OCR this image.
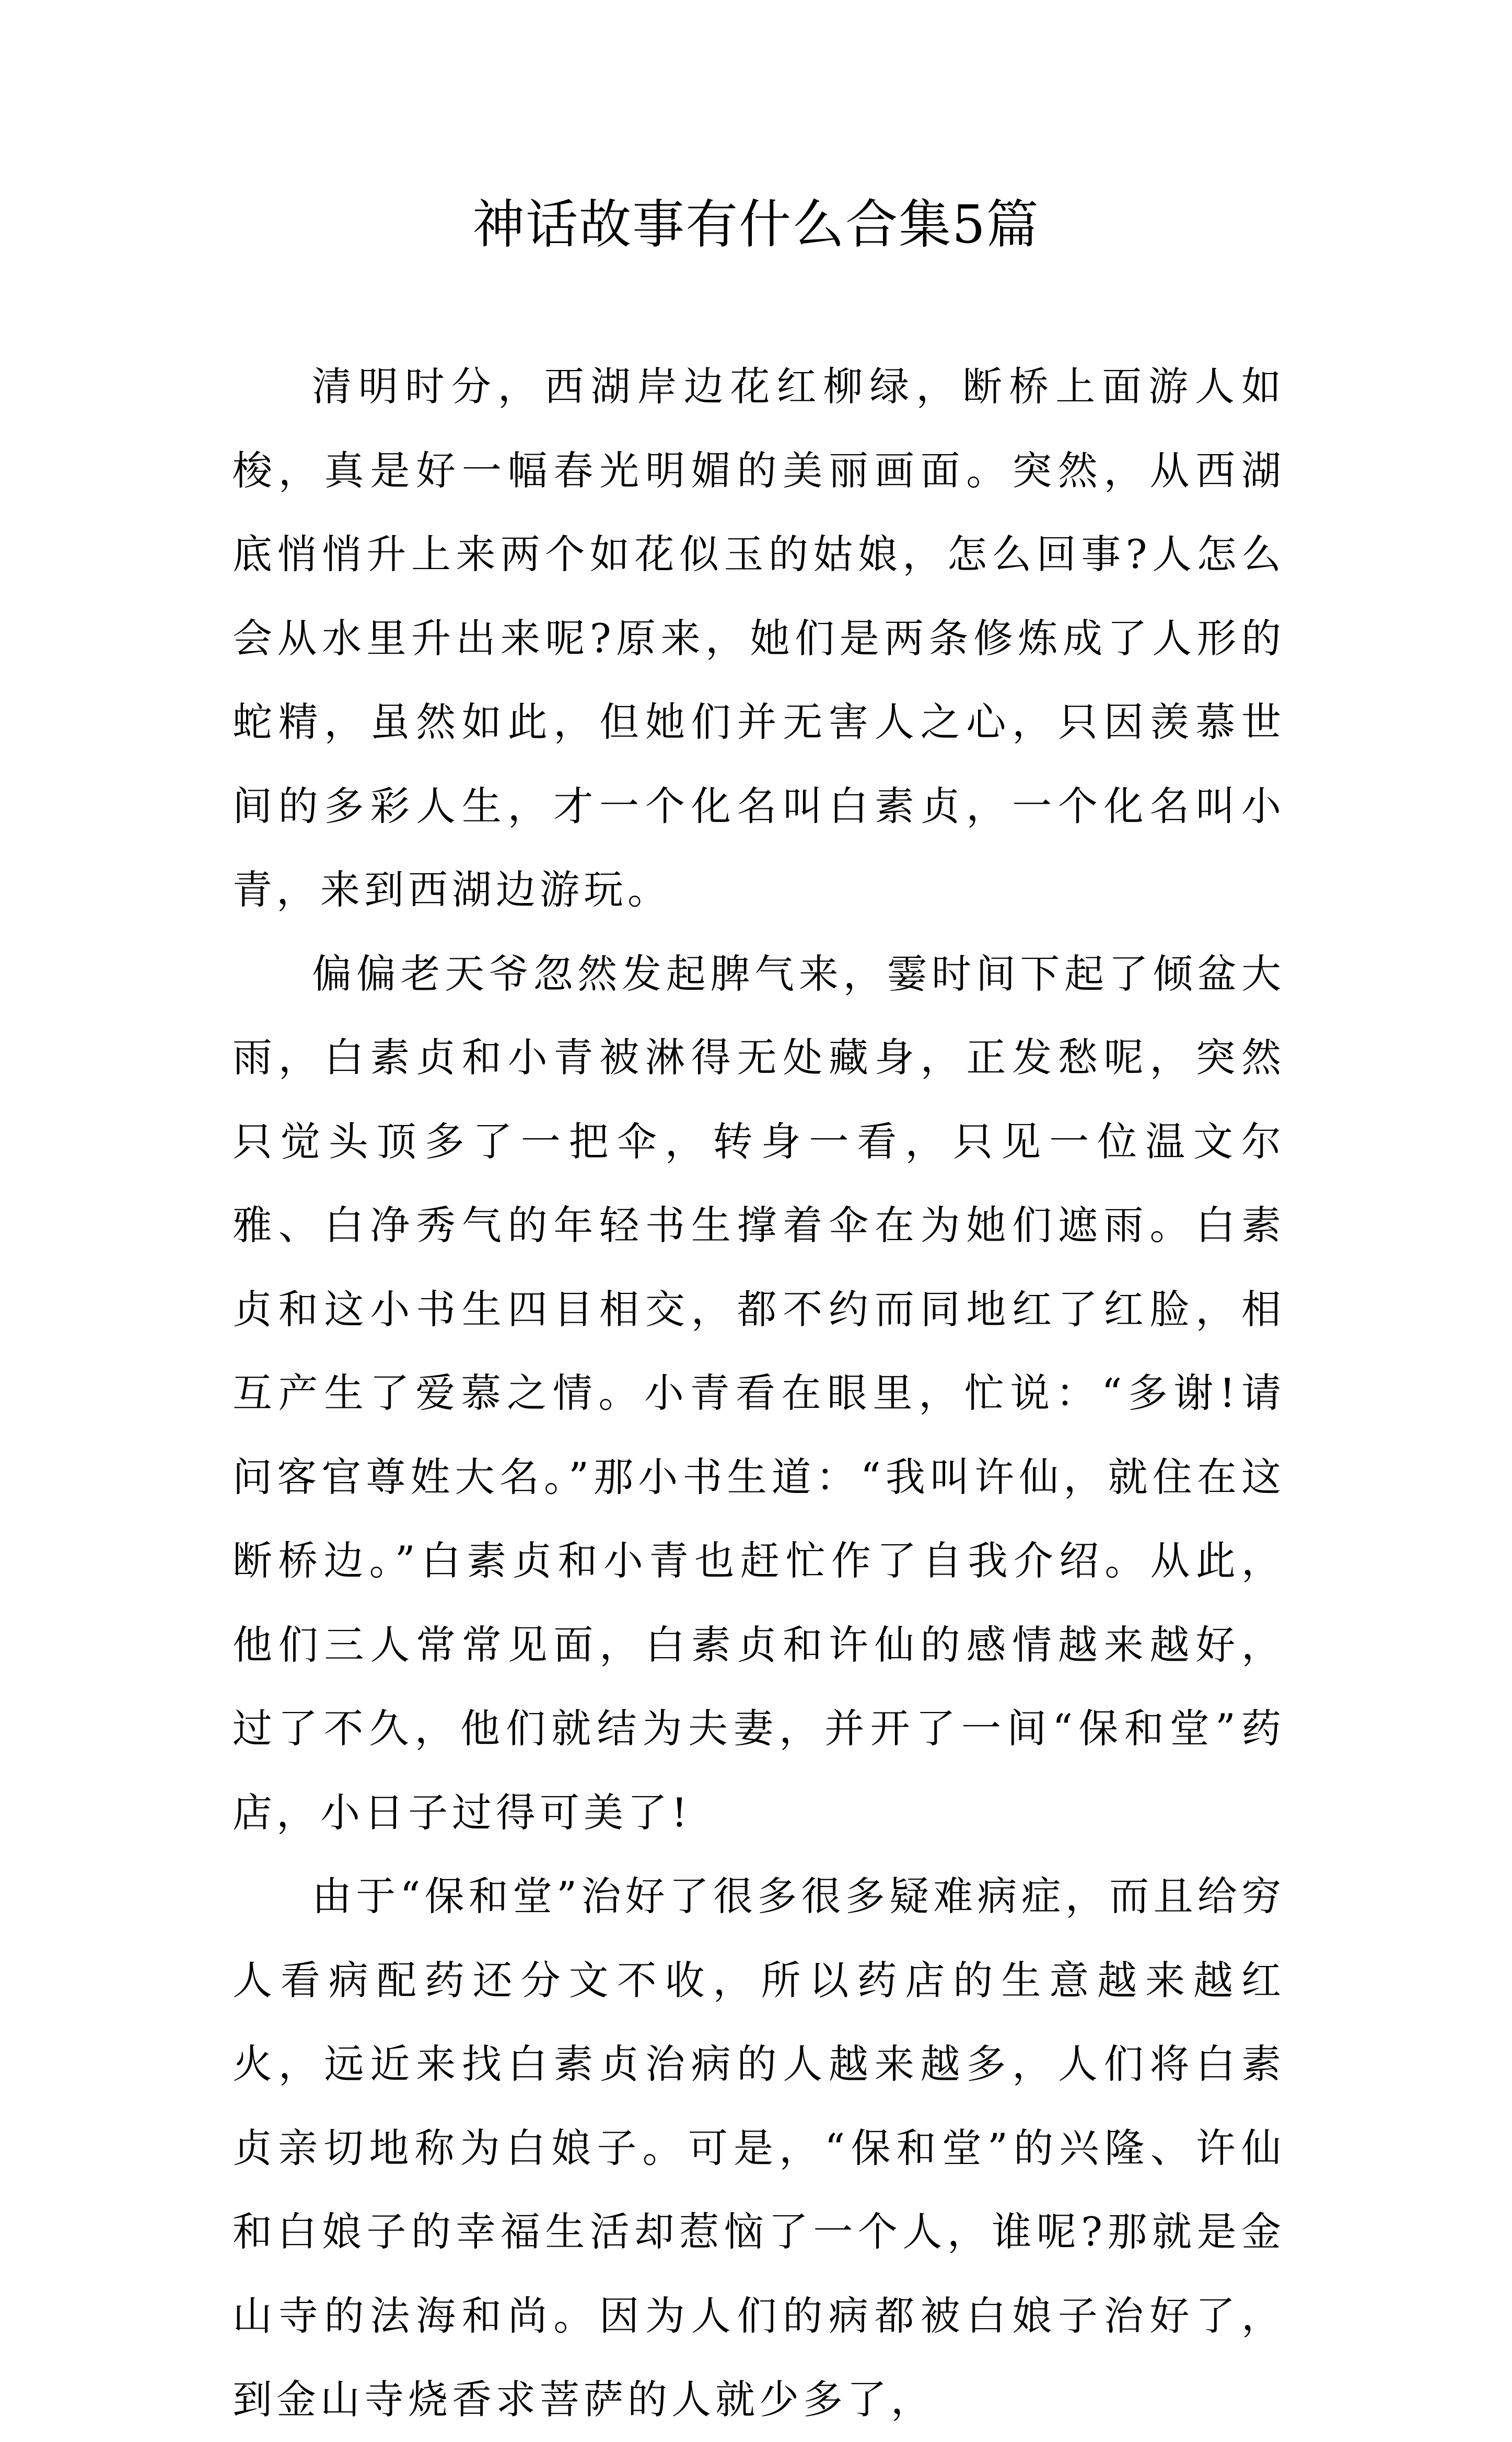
神话故事有什么合集5篇

清明时分，西湖岸边花红柳绿，断桥上面游人如梭，真是好一幅春光明媚的美丽画面。突然，从西湖底悄悄升上来两个如花似玉的姑娘，怎么回事?人怎么会从水里升出来呢?原来，她们是两条修炼成了人形的蛇精，虽然如此，但她们并无害人之心，只因羡慕世间的多彩人生，才一个化名叫白素贞，一个化名叫小青，来到西湖边游玩。

偏偏老天爷忽然发起脾气来，霎时间下起了倾盆大雨，白素贞和小青被淋得无处藏身，正发愁呢，突然只觉头顶多了一把伞，转身一看，只见一位温文尔雅、白净秀气的年轻书生撑着伞在为她们遮雨。白素贞和这小书生四目相交，都不约而同地红了红脸，相互产生了爱慕之情。小青看在眼里，忙说：“多谢!请问客官尊姓大名。”那小书生道：“我叫许仙，就住在这断桥边。”白素贞和小青也赶忙作了自我介绍。从此，他们三人常常见面，白素贞和许仙的感情越来越好，过了不久，他们就结为夫妻，并开了一间“保和堂”药店，小日子过得可美了!

由于“保和堂”治好了很多很多疑难病症，而且给穷人看病配药还分文不收，所以药店的生意越来越红火，远近来找白素贞治病的人越来越多，人们将白素贞亲切地称为白娘子。可是，“保和堂”的兴隆、许仙和白娘子的幸福生活却惹恼了一个人，谁呢?那就是金山寺的法海和尚。因为人们的病都被白娘子治好了，到金山寺烧香求菩萨的人就少多了，
